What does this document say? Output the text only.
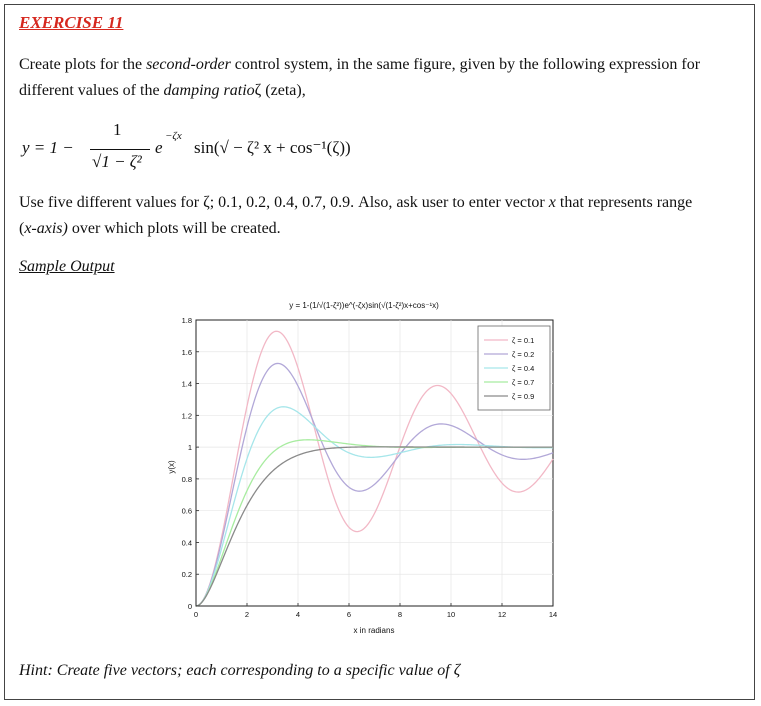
EXERCISE 11

Create plots for the second-order control system, in the same figure, given by the following expression for different values of the damping ratioζ (zeta),

y = 1 −
1
√1 − ζ²
e
−ζx
sin(√ − ζ² x + cos⁻¹(ζ))

Use five different values for ζ; 0.1, 0.2, 0.4, 0.7, 0.9. Also, ask user to enter vector x that represents range (x-axis) over which plots will be created.

Sample Output

y = 1-(1/√(1-ζ²))e^(-ζx)sin(√(1-ζ²)x+cos⁻¹x)
0	2	4	6	8	10	12	14
0
0.2
0.4
0.6
0.8
1
1.2
1.4
1.6
1.8
ζ = 0.1
ζ = 0.2
ζ = 0.4
ζ = 0.7
ζ = 0.9
x in radians
y(x)

Hint: Create five vectors; each corresponding to a specific value of ζ
